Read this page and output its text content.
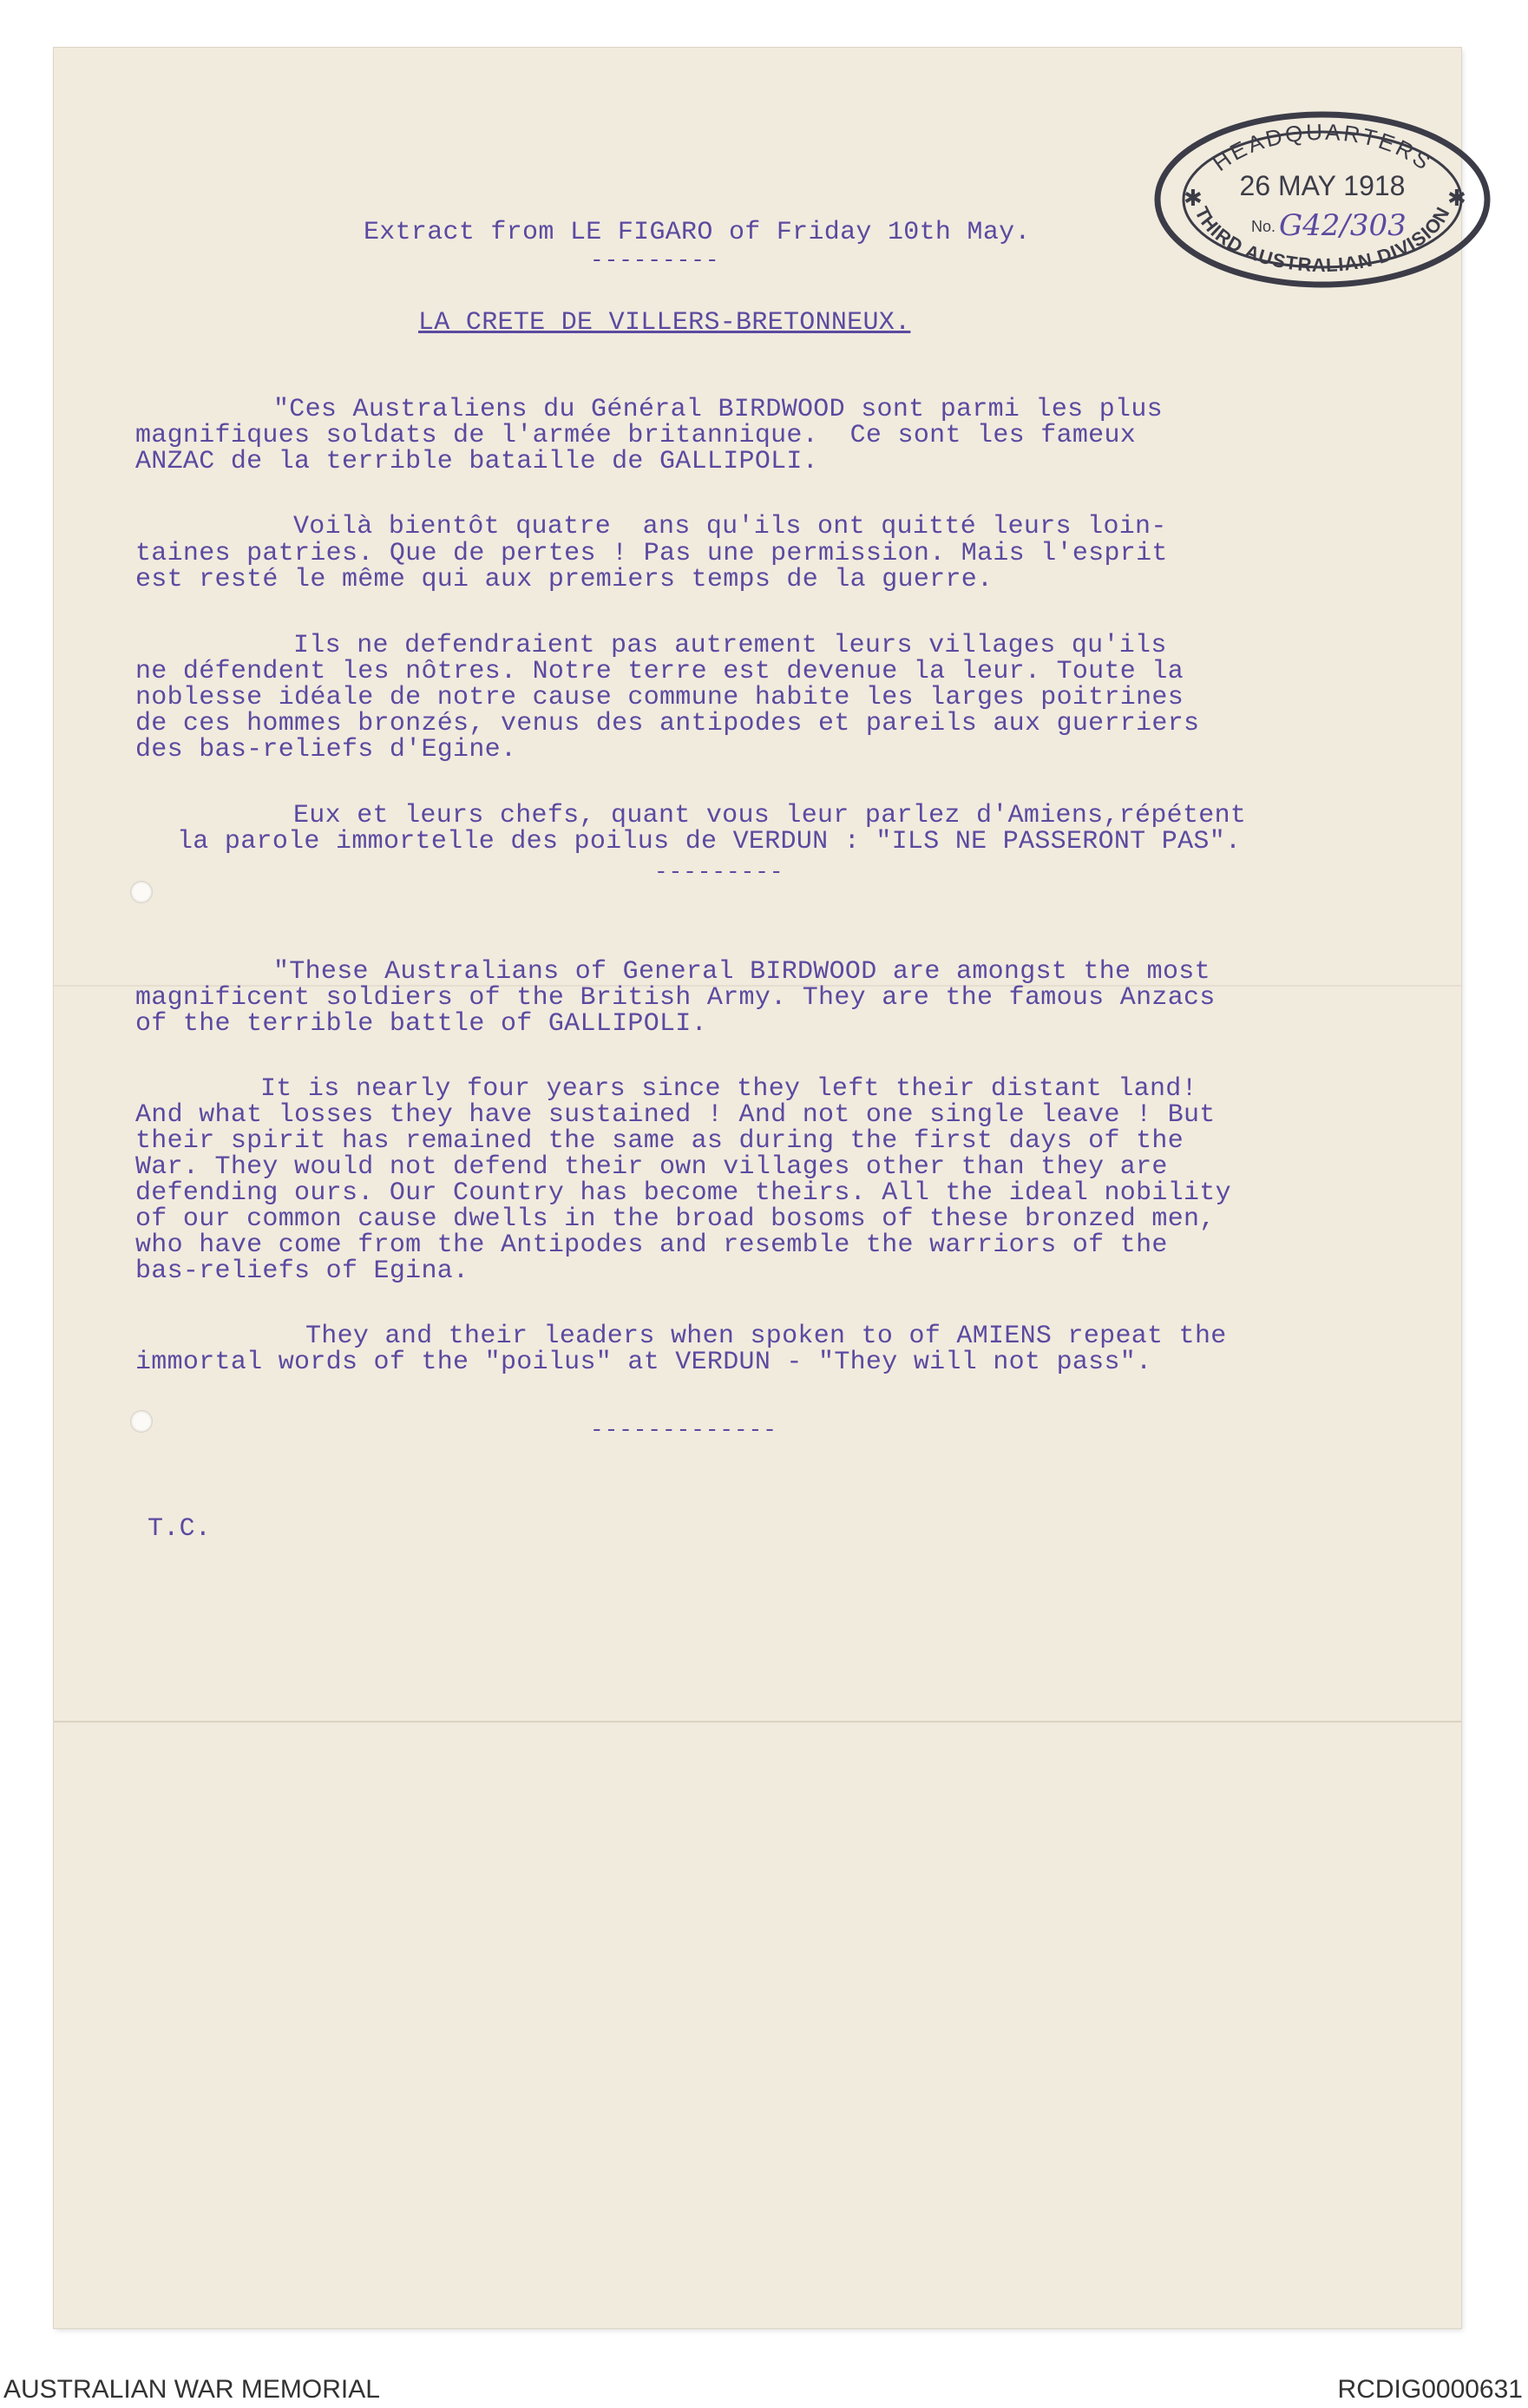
HEADQUARTERS
THIRD AUSTRALIAN DIVISION
✱	✱
26 MAY 1918
No. G42/303

Extract from LE FIGARO of Friday 10th May.

---------

LA CRETE DE VILLERS-BRETONNEUX.

"Ces Australiens du Général BIRDWOOD sont parmi les plus

magnifiques soldats de l'armée britannique.  Ce sont les fameux

ANZAC de la terrible bataille de GALLIPOLI.

Voilà bientôt quatre  ans qu'ils ont quitté leurs loin-

taines patries. Que de pertes ! Pas une permission. Mais l'esprit

est resté le même qui aux premiers temps de la guerre.

Ils ne defendraient pas autrement leurs villages qu'ils

ne défendent les nôtres. Notre terre est devenue la leur. Toute la

noblesse idéale de notre cause commune habite les larges poitrines

de ces hommes bronzés, venus des antipodes et pareils aux guerriers

des bas-reliefs d'Egine.

Eux et leurs chefs, quant vous leur parlez d'Amiens,répétent

la parole immortelle des poilus de VERDUN : "ILS NE PASSERONT PAS".

---------

"These Australians of General BIRDWOOD are amongst the most

magnificent soldiers of the British Army. They are the famous Anzacs

of the terrible battle of GALLIPOLI.

It is nearly four years since they left their distant land!

And what losses they have sustained ! And not one single leave ! But

their spirit has remained the same as during the first days of the

War. They would not defend their own villages other than they are

defending ours. Our Country has become theirs. All the ideal nobility

of our common cause dwells in the broad bosoms of these bronzed men,

who have come from the Antipodes and resemble the warriors of the

bas-reliefs of Egina.

They and their leaders when spoken to of AMIENS repeat the

immortal words of the "poilus" at VERDUN - "They will not pass".

-------------

T.C.

AUSTRALIAN WAR MEMORIAL	RCDIG0000631
